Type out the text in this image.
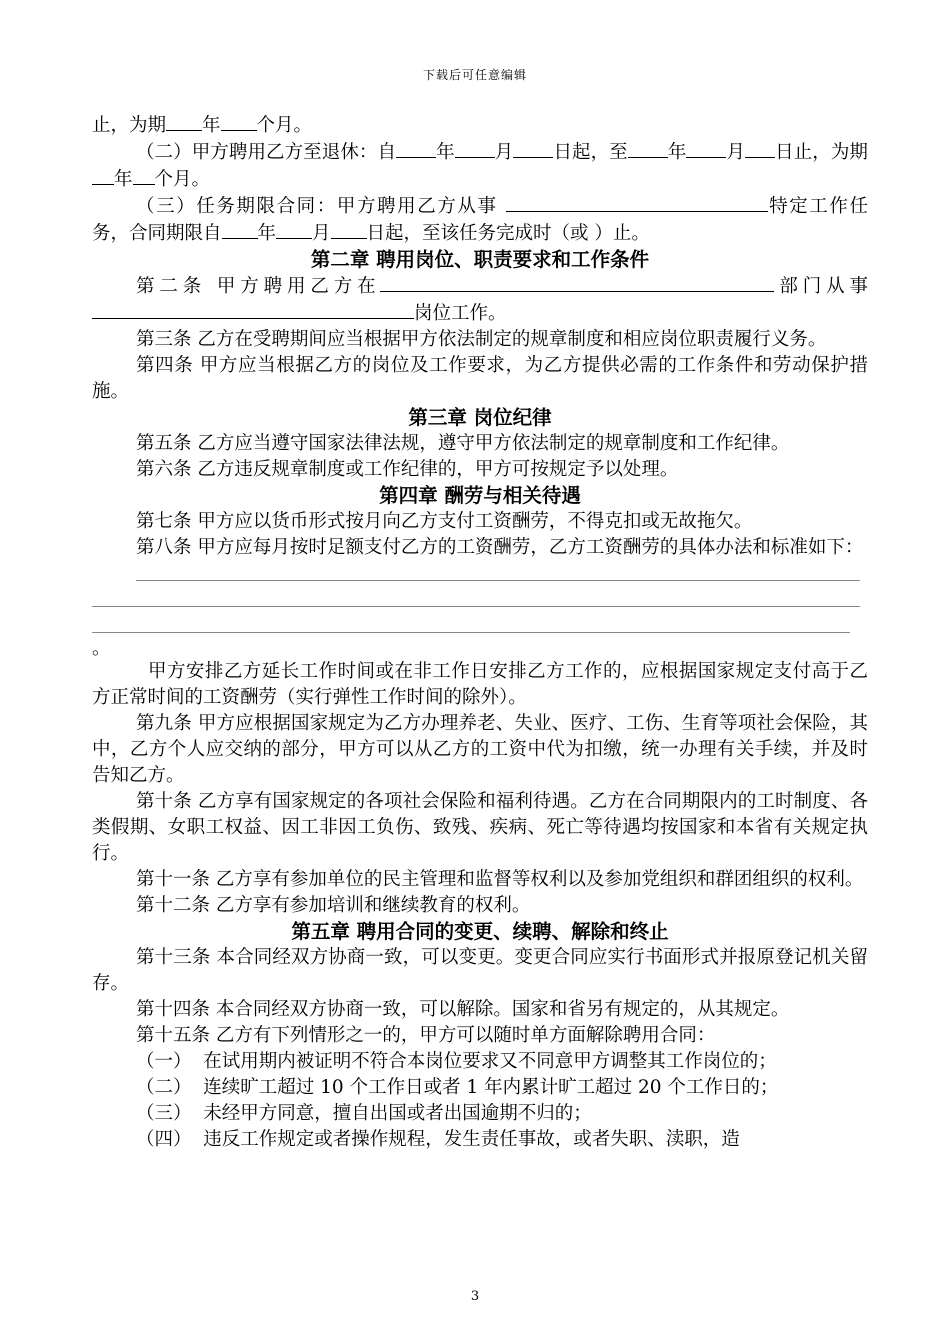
下载后可任意编辑

止，为期 年 个月。

（二）甲方聘用乙方至退休：自 年 月 日起，至 年 月 日止，为期年 个月。

（三）任务期限合同：甲方聘用乙方从事	特定工作任务，合同期限自 年 月 日起，至该任务完成时（或 ）止。

第二章 聘用岗位、职责要求和工作条件

第二条 甲方聘用乙方在	部门从事岗位工作。

第三条 乙方在受聘期间应当根据甲方依法制定的规章制度和相应岗位职责履行义务。

第四条 甲方应当根据乙方的岗位及工作要求，为乙方提供必需的工作条件和劳动保护措施。

第三章 岗位纪律

第五条 乙方应当遵守国家法律法规，遵守甲方依法制定的规章制度和工作纪律。

第六条 乙方违反规章制度或工作纪律的，甲方可按规定予以处理。

第四章 酬劳与相关待遇

第七条 甲方应以货币形式按月向乙方支付工资酬劳，不得克扣或无故拖欠。

第八条 甲方应每月按时足额支付乙方的工资酬劳，乙方工资酬劳的具体办法和标准如下：

。

甲方安排乙方延长工作时间或在非工作日安排乙方工作的，应根据国家规定支付高于乙方正常时间的工资酬劳（实行弹性工作时间的除外）。

第九条 甲方应根据国家规定为乙方办理养老、失业、医疗、工伤、生育等项社会保险，其中，乙方个人应交纳的部分，甲方可以从乙方的工资中代为扣缴，统一办理有关手续，并及时告知乙方。

第十条 乙方享有国家规定的各项社会保险和福利待遇。乙方在合同期限内的工时制度、各类假期、女职工权益、因工非因工负伤、致残、疾病、死亡等待遇均按国家和本省有关规定执行。

第十一条 乙方享有参加单位的民主管理和监督等权利以及参加党组织和群团组织的权利。

第十二条 乙方享有参加培训和继续教育的权利。

第五章 聘用合同的变更、续聘、解除和终止

第十三条 本合同经双方协商一致，可以变更。变更合同应实行书面形式并报原登记机关留存。

第十四条 本合同经双方协商一致，可以解除。国家和省另有规定的，从其规定。

第十五条 乙方有下列情形之一的，甲方可以随时单方面解除聘用合同：

（一） 在试用期内被证明不符合本岗位要求又不同意甲方调整其工作岗位的；

（二） 连续旷工超过 10 个工作日或者 1 年内累计旷工超过 20 个工作日的；

（三） 未经甲方同意，擅自出国或者出国逾期不归的；

（四） 违反工作规定或者操作规程，发生责任事故，或者失职、渎职，造

3
